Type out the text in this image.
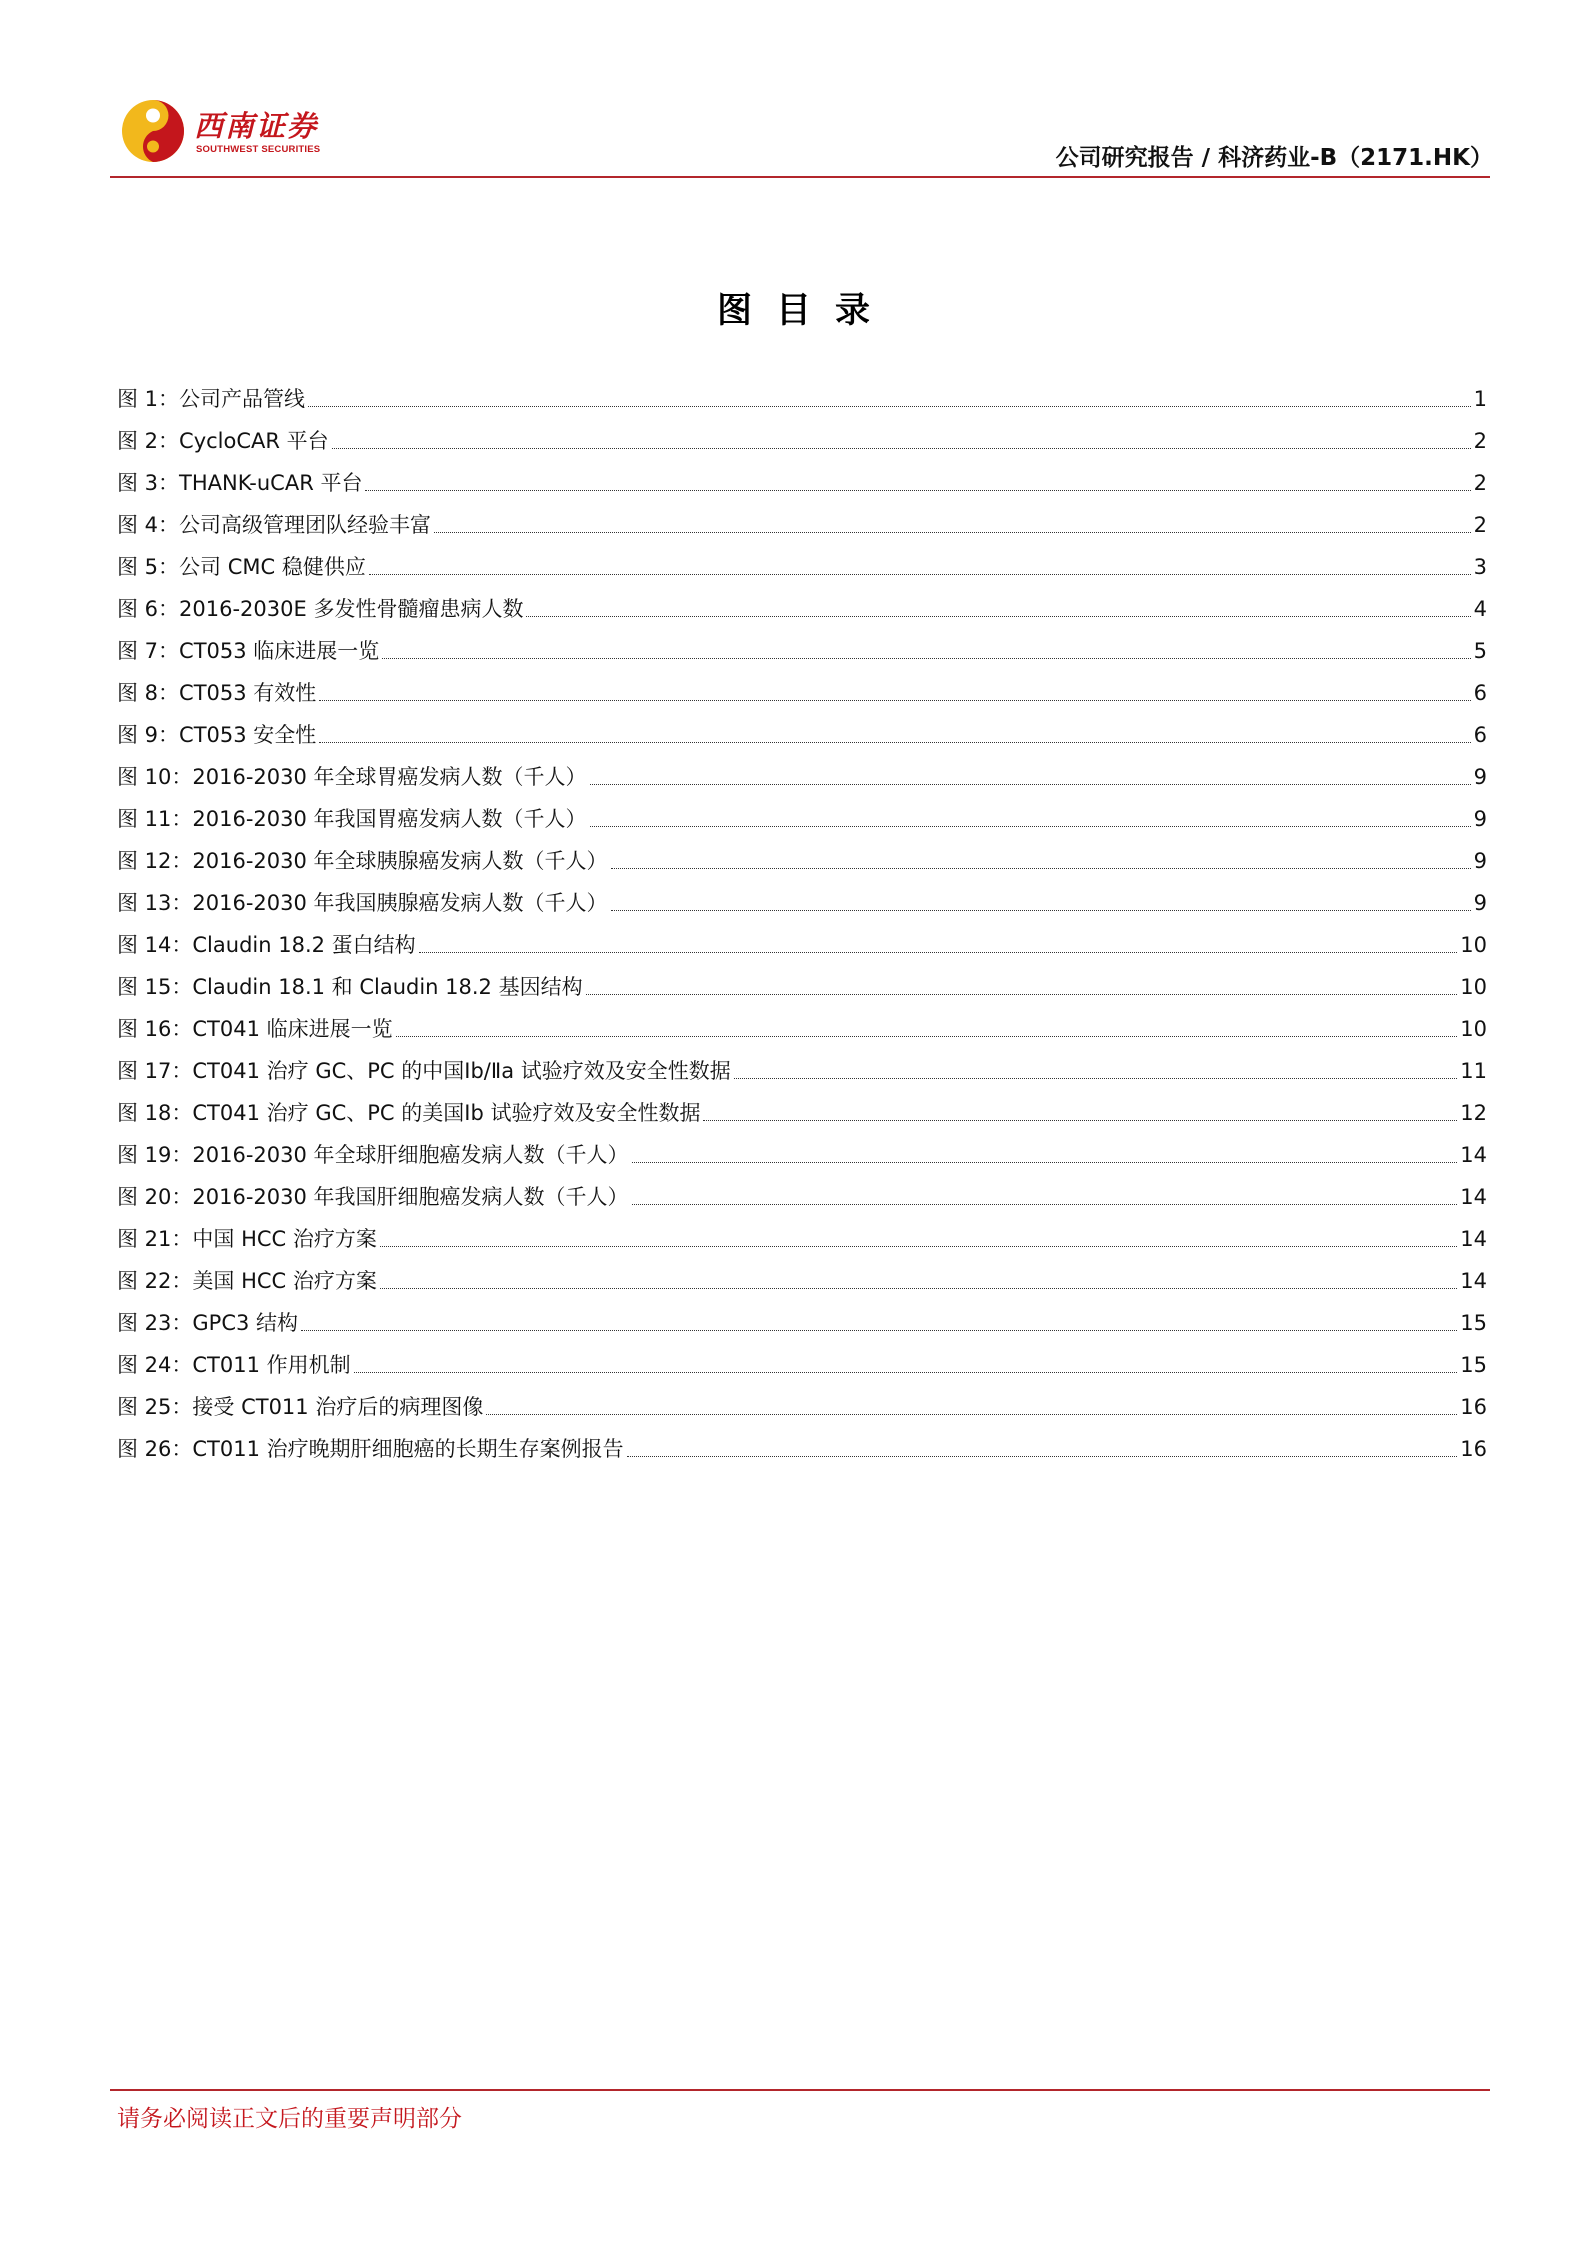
西南证券
SOUTHWEST SECURITIES	公司研究报告 / 科济药业-B（2171.HK）
图目录
图 1：公司产品管线	1
图 2：CycloCAR 平台	2
图 3：THANK-uCAR 平台	2
图 4：公司高级管理团队经验丰富	2
图 5：公司 CMC 稳健供应	3
图 6：2016-2030E 多发性骨髓瘤患病人数	4
图 7：CT053 临床进展一览	5
图 8：CT053 有效性	6
图 9：CT053 安全性	6
图 10：2016-2030 年全球胃癌发病人数（千人）	9
图 11：2016-2030 年我国胃癌发病人数（千人）	9
图 12：2016-2030 年全球胰腺癌发病人数（千人）	9
图 13：2016-2030 年我国胰腺癌发病人数（千人）	9
图 14：Claudin 18.2 蛋白结构	10
图 15：Claudin 18.1 和 Claudin 18.2 基因结构	10
图 16：CT041 临床进展一览	10
图 17：CT041 治疗 GC、PC 的中国Ⅰb/Ⅱa 试验疗效及安全性数据	11
图 18：CT041 治疗 GC、PC 的美国Ⅰb 试验疗效及安全性数据	12
图 19：2016-2030 年全球肝细胞癌发病人数（千人）	14
图 20：2016-2030 年我国肝细胞癌发病人数（千人）	14
图 21：中国 HCC 治疗方案	14
图 22：美国 HCC 治疗方案	14
图 23：GPC3 结构	15
图 24：CT011 作用机制	15
图 25：接受 CT011 治疗后的病理图像	16
图 26：CT011 治疗晚期肝细胞癌的长期生存案例报告	16
请务必阅读正文后的重要声明部分
